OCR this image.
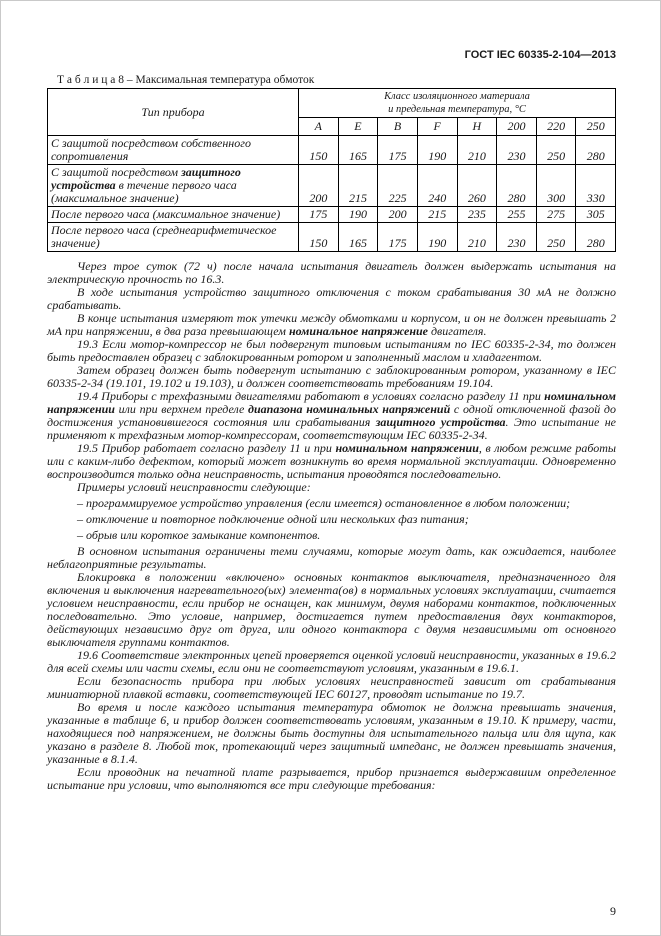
ГОСТ IEC 60335-2-104—2013
Т а б л и ц а 8 – Максимальная температура обмоток
Тип прибора	Класс изоляционного материала
и предельная температура, °С							

	А	Е	В	F	Н	200	220	250
С защитой посредством собственного сопротивления	150	165	175	190	210	230	250	280
С защитой посредством защитного устройства в течение первого часа (максимальное значение)	200	215	225	240	260	280	300	330
После первого часа (максимальное значение)	175	190	200	215	235	255	275	305
После первого часа (среднеарифметическое значение)	150	165	175	190	210	230	250	280

Через трое суток (72 ч) после начала испытания двигатель должен выдержать испытания на электрическую прочность по 16.3.

В ходе испытания устройство защитного отключения с током срабатывания 30 мА не должно срабатывать.

В конце испытания измеряют ток утечки между обмотками и корпусом, и он не должен превышать 2 мА при напряжении, в два раза превышающем номинальное напряжение двигателя.

19.3 Если мотор-компрессор не был подвергнут типовым испытаниям по IEC 60335-2-34, то должен быть предоставлен образец с заблокированным ротором и заполненный маслом и хладагентом.

Затем образец должен быть подвергнут испытанию с заблокированным ротором, указанному в IEC 60335-2-34 (19.101, 19.102 и 19.103), и должен соответствовать требованиям 19.104.

19.4 Приборы с трехфазными двигателями работают в условиях согласно разделу 11 при номинальном напряжении или при верхнем пределе диапазона номинальных напряжений с одной отключенной фазой до достижения установившегося состояния или срабатывания защитного устройства. Это испытание не применяют к трехфазным мотор-компрессорам, соответствующим IEC 60335-2-34.

19.5 Прибор работает согласно разделу 11 и при номинальном напряжении, в любом режиме работы или с каким-либо дефектом, который может возникнуть во время нормальной эксплуатации. Одновременно воспроизводится только одна неисправность, испытания проводятся последовательно.

Примеры условий неисправности следующие:

– программируемое устройство управления (если имеется) остановленное в любом положении;

– отключение и повторное подключение одной или нескольких фаз питания;

– обрыв или короткое замыкание компонентов.

В основном испытания ограничены теми случаями, которые могут дать, как ожидается, наиболее неблагоприятные результаты.

Блокировка в положении «включено» основных контактов выключателя, предназначенного для включения и выключения нагревательного(ых) элемента(ов) в нормальных условиях эксплуатации, считается условием неисправности, если прибор не оснащен, как минимум, двумя наборами контактов, подключенных последовательно. Это условие, например, достигается путем предоставления двух контакторов, действующих независимо друг от друга, или одного контактора с двумя независимыми от основного выключателя группами контактов.

19.6 Соответствие электронных цепей проверяется оценкой условий неисправности, указанных в 19.6.2 для всей схемы или части схемы, если они не соответствуют условиям, указанным в 19.6.1.

Если безопасность прибора при любых условиях неисправностей зависит от срабатывания миниатюрной плавкой вставки, соответствующей IEC 60127, проводят испытание по 19.7.

Во время и после каждого испытания температура обмоток не должна превышать значения, указанные в таблице 6, и прибор должен соответствовать условиям, указанным в 19.10. К примеру, части, находящиеся под напряжением, не должны быть доступны для испытательного пальца или для щупа, как указано в разделе 8. Любой ток, протекающий через защитный импеданс, не должен превышать значения, указанные в 8.1.4.

Если проводник на печатной плате разрывается, прибор признается выдержавшим определенное испытание при условии, что выполняются все три следующие требования:

9
